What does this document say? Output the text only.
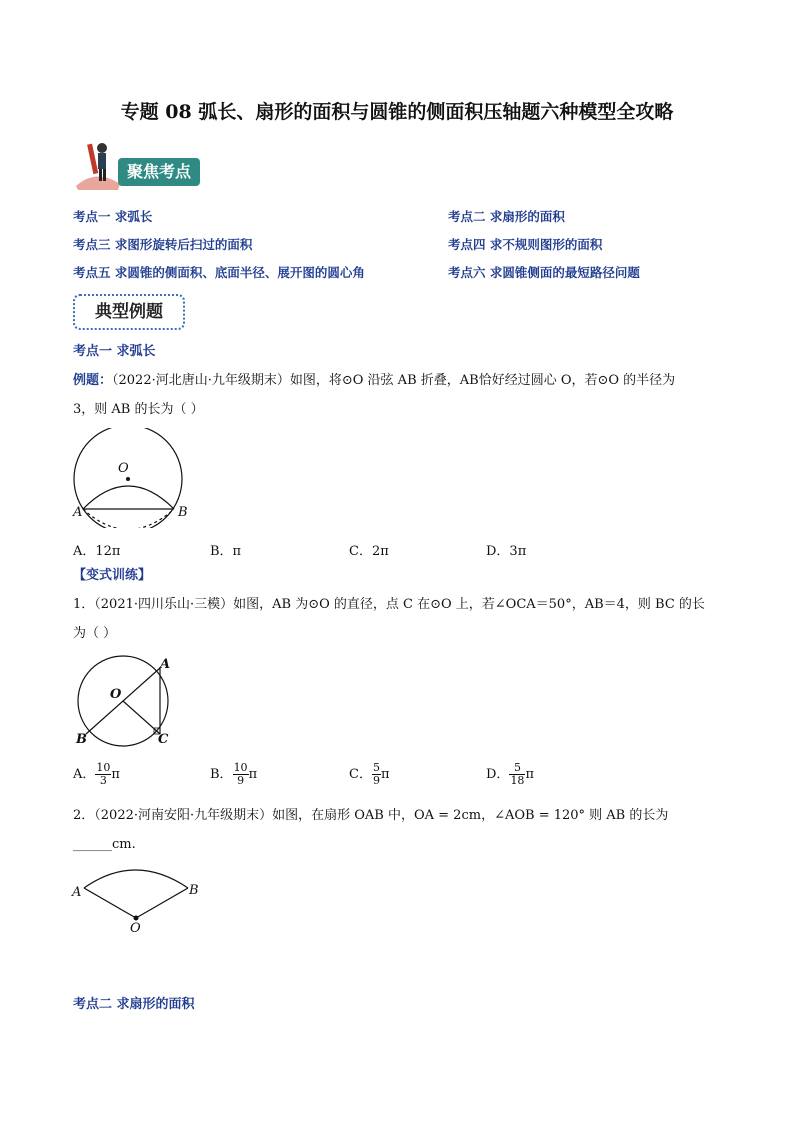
专题 08 弧长、扇形的面积与圆锥的侧面积压轴题六种模型全攻略
聚焦考点
考点一 求弧长	考点二 求扇形的面积
考点三 求图形旋转后扫过的面积	考点四 求不规则图形的面积
考点五 求圆锥的侧面积、底面半径、展开图的圆心角	考点六 求圆锥侧面的最短路径问题
典型例题
考点一 求弧长
例题：（2022·河北唐山·九年级期末）如图，将⊙O 沿弦 AB 折叠，AB恰好经过圆心 O，若⊙O 的半径为
3，则 AB 的长为（ ）
O
A	B
A．12π	B．π	C．2π	D．3π
【变式训练】
1．（2021·四川乐山·三模）如图，AB 为⊙O 的直径，点 C 在⊙O 上，若∠OCA＝50°，AB＝4，则 BC 的长
为（ ）
O
A
B	C
A． $\frac{10}{3}$ π	B． $\frac{10}{9}$ π	C． $\frac{5}{9}$ π	D． $\frac{5}{18}$ π
2．（2022·河南安阳·九年级期末）如图，在扇形 OAB 中，OA = 2cm，∠AOB = 120° 则 AB 的长为
______cm.
A	B
O
考点二 求扇形的面积
